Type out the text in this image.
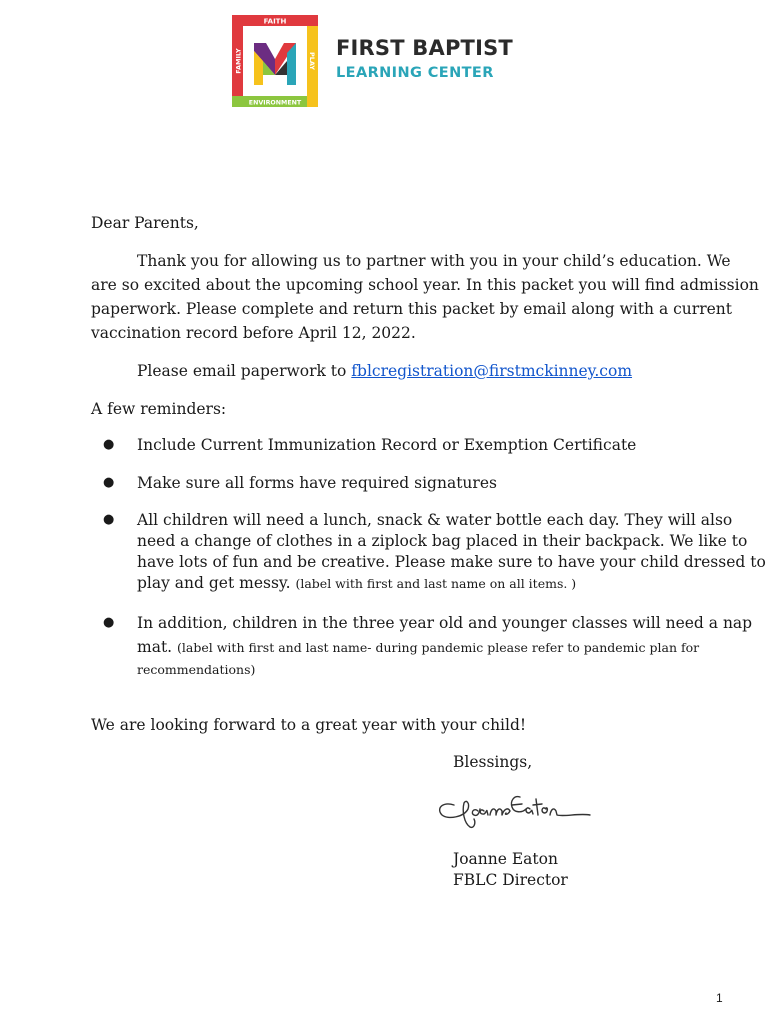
FAITH
ENVIRONMENT
FAMILY	PLAY
FIRST BAPTIST
LEARNING CENTER
Dear Parents,
Thank you for allowing us to partner with you in your child’s education. We
are so excited about the upcoming school year. In this packet you will find admission
paperwork. Please complete and return this packet by email along with a current
vaccination record before April 12, 2022.
Please email paperwork to fblcregistration@firstmckinney.com
A few reminders:
● Include Current Immunization Record or Exemption Certificate
● Make sure all forms have required signatures
● All children will need a lunch, snack & water bottle each day. They will also
need a change of clothes in a ziplock bag placed in their backpack. We like to
have lots of fun and be creative. Please make sure to have your child dressed to
play and get messy. (label with first and last name on all items. )
● In addition, children in the three year old and younger classes will need a nap
mat. (label with first and last name- during pandemic please refer to pandemic plan for
recommendations)
We are looking forward to a great year with your child!
Blessings,
Joanne Eaton
FBLC Director
1
